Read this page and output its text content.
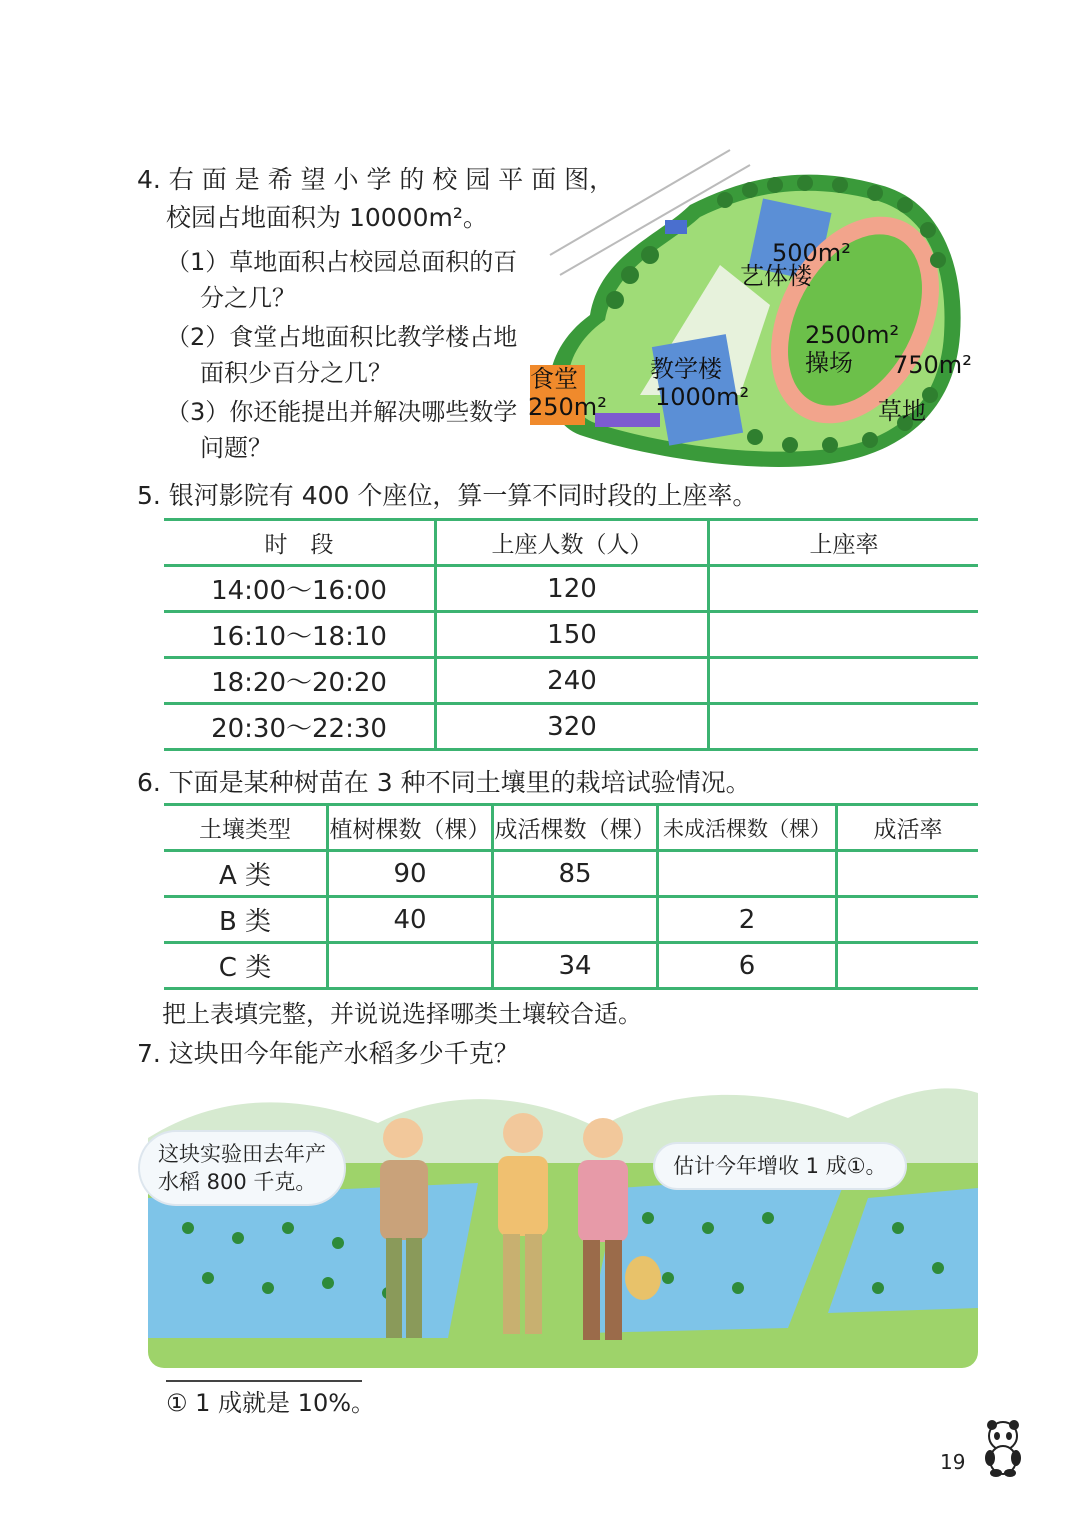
4. 右 面 是 希 望 小 学 的 校 园 平 面 图，
校园占地面积为 10000m²。
（1）草地面积占校园总面积的百
分之几？
（2）食堂占地面积比教学楼占地
面积少百分之几？
（3）你还能提出并解决哪些数学
问题？
食堂
250m²
教学楼
1000m²
艺体楼
500m²
操场
2500m²
草地
750m²
5. 银河影院有 400 个座位，算一算不同时段的上座率。
时　段	上座人数（人）	上座率
14:00～16:00	120	
16:10～18:10	150	
18:20～20:20	240	
20:30～22:30	320	
6. 下面是某种树苗在 3 种不同土壤里的栽培试验情况。
土壤类型	植树棵数（棵）	成活棵数（棵）	未成活棵数（棵）	成活率
A 类	90	85		
B 类	40		2	
C 类		34	6	
把上表填完整，并说说选择哪类土壤较合适。
7. 这块田今年能产水稻多少千克？
这块实验田去年产
水稻 800 千克。
估计今年增收 1 成①。
① 1 成就是 10%。
19
